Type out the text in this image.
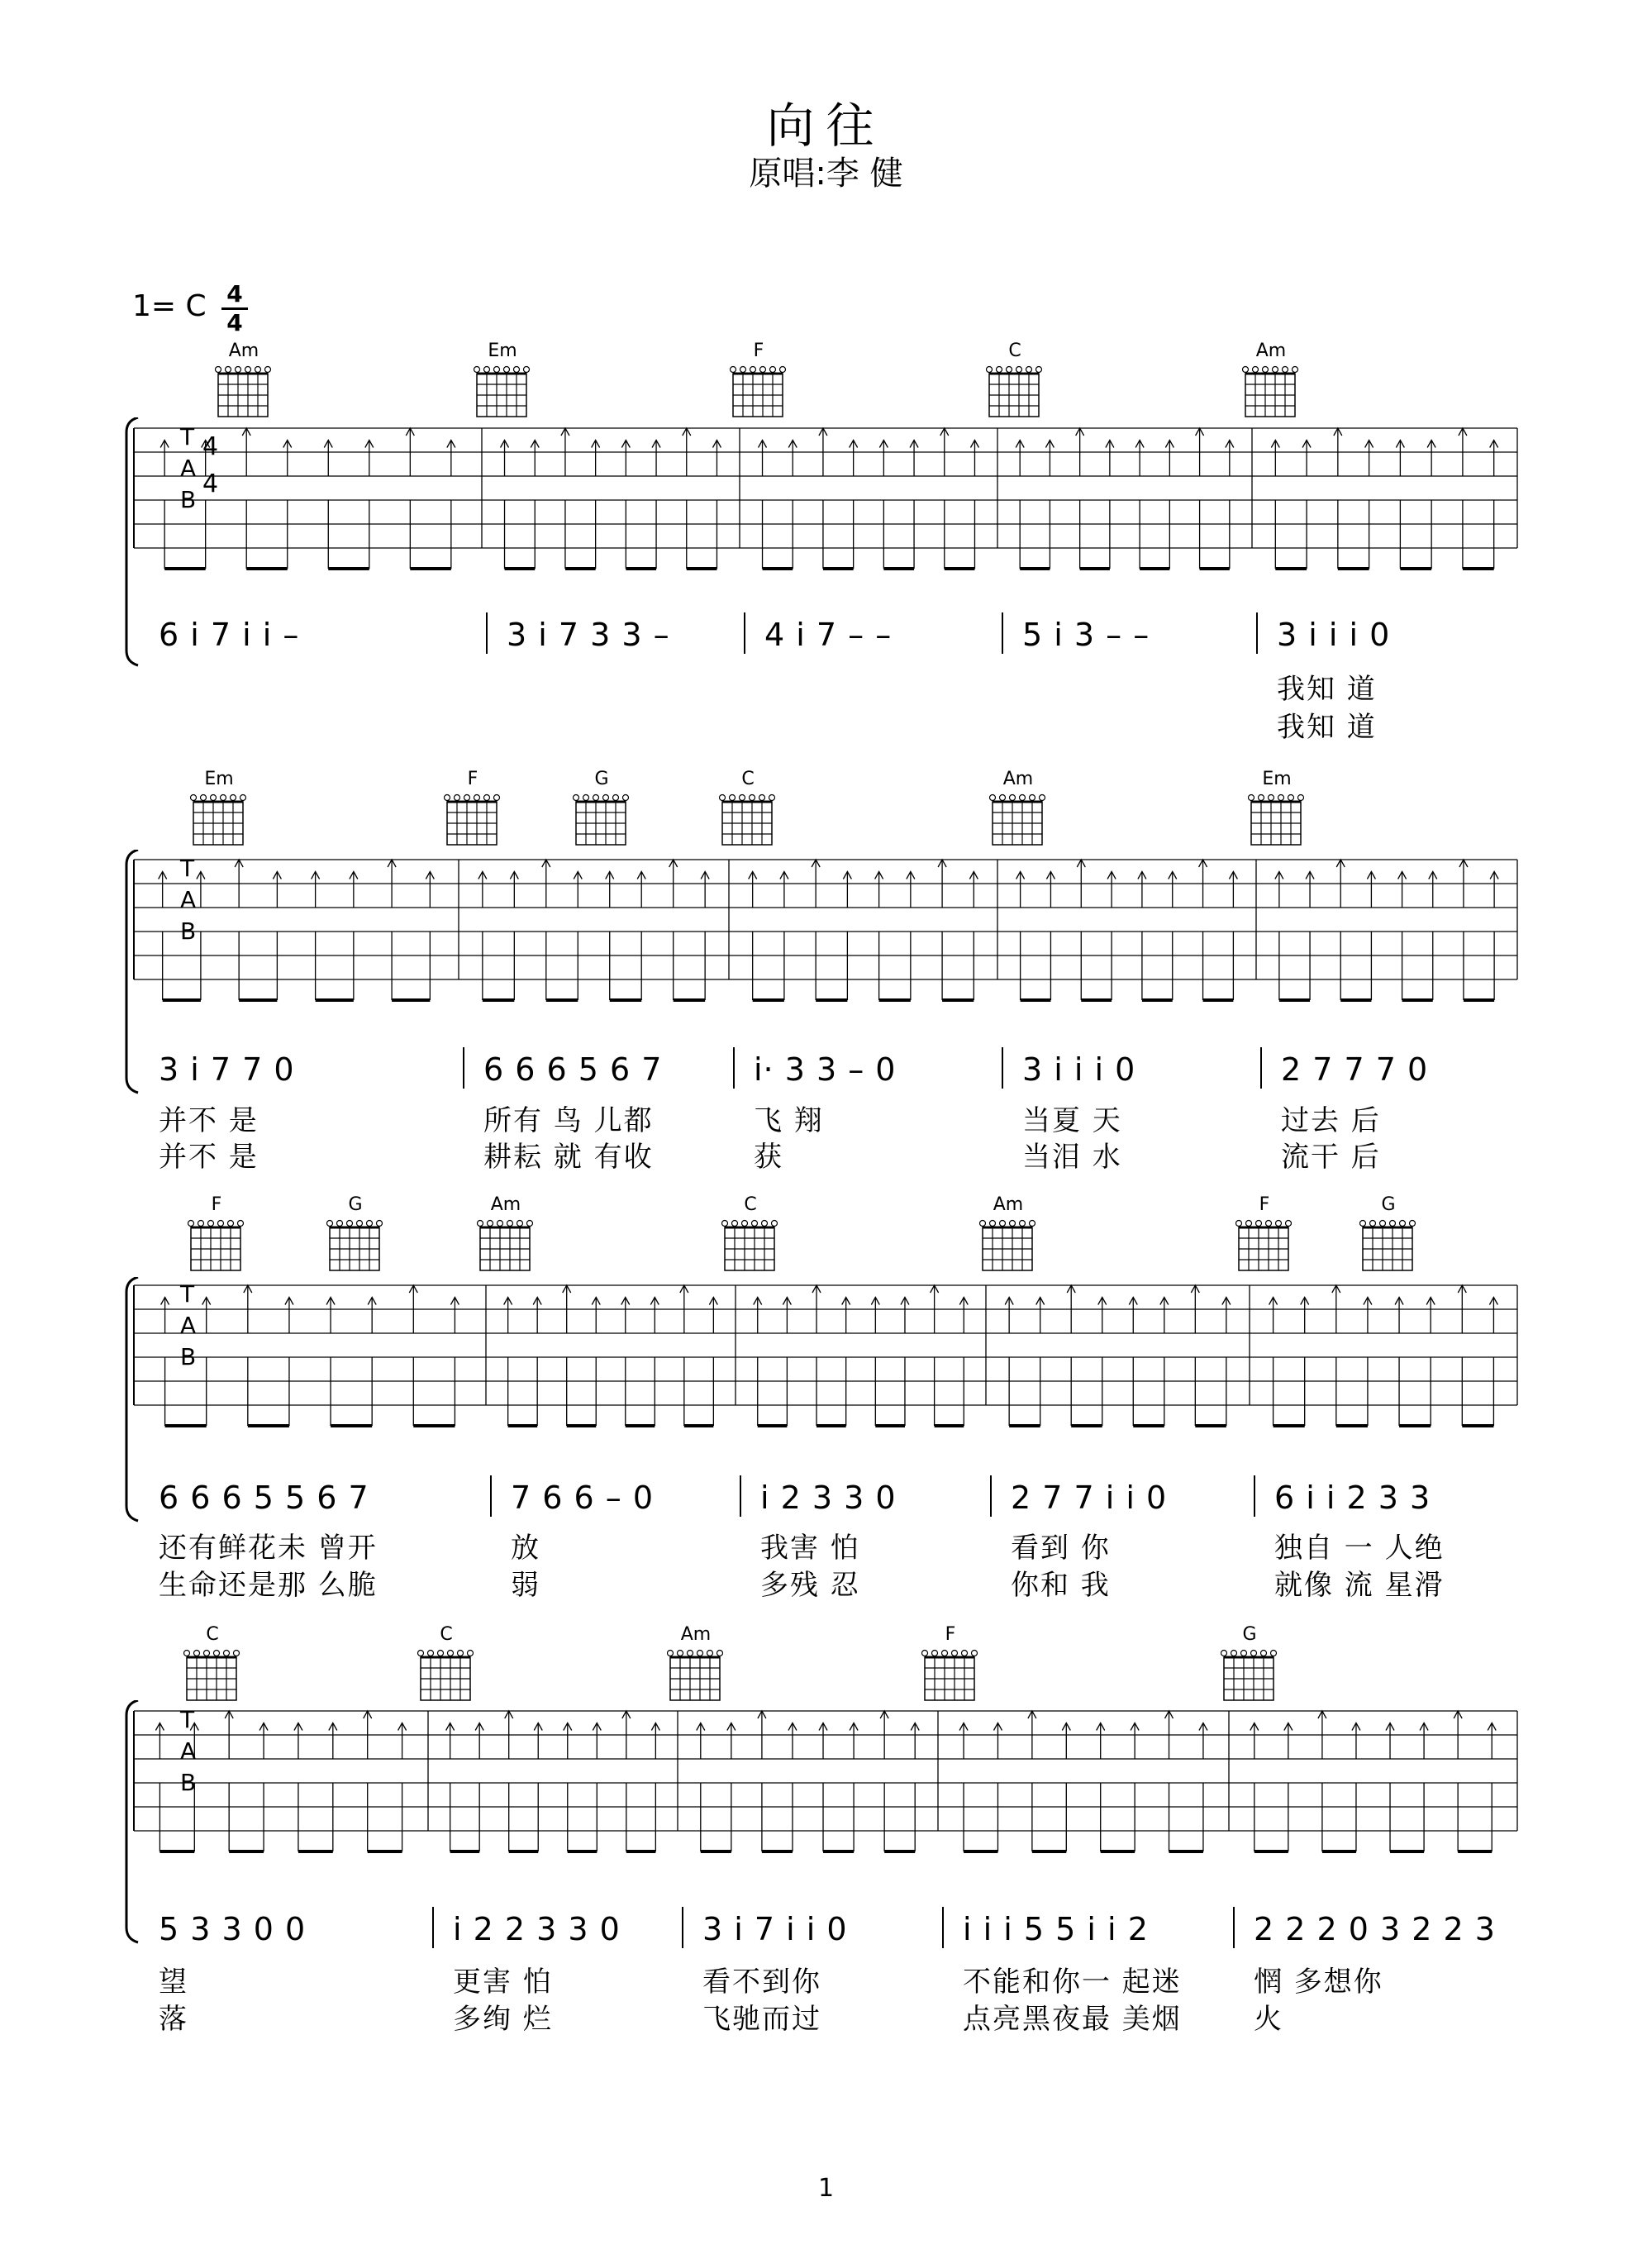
向往
原唱:李 健
1= C 4
4
Am	Em	F	C	Am
T
A
B
4
4
6 i 7 i i –	3 i 7 3 3 –	4 i 7 – –	5 i 3 – –	3 i i i 0
我知 道
我知 道
Em	F	G	C	Am	Em
T
A
B
3 i 7 7 0
并不 是
并不 是
6 6 6 5 6 7
所有 鸟 儿都
耕耘 就 有收
i· 3 3 – 0
飞 翔
获
3 i i i 0
当夏 天
当泪 水
2 7 7 7 0
过去 后
流干 后
F	G	Am	C	Am	F	G
T
A
B
6 6 6 5 5 6 7
还有鲜花未 曾开
生命还是那 么脆
7 6 6 – 0
放
弱
i 2 3 3 0
我害 怕
多残 忍
2 7 7 i i 0
看到 你
你和 我
6 i i 2 3 3
独自 一 人绝
就像 流 星滑
C	C	Am	F	G
T
A
B
5 3 3 0 0
望
落
i 2 2 3 3 0
更害 怕
多绚 烂
3 i 7 i i 0
看不到你
飞驰而过
i i i 5 5 i i 2
不能和你一 起迷
点亮黑夜最 美烟
2 2 2 0 3 2 2 3
惘 多想你
火
1
